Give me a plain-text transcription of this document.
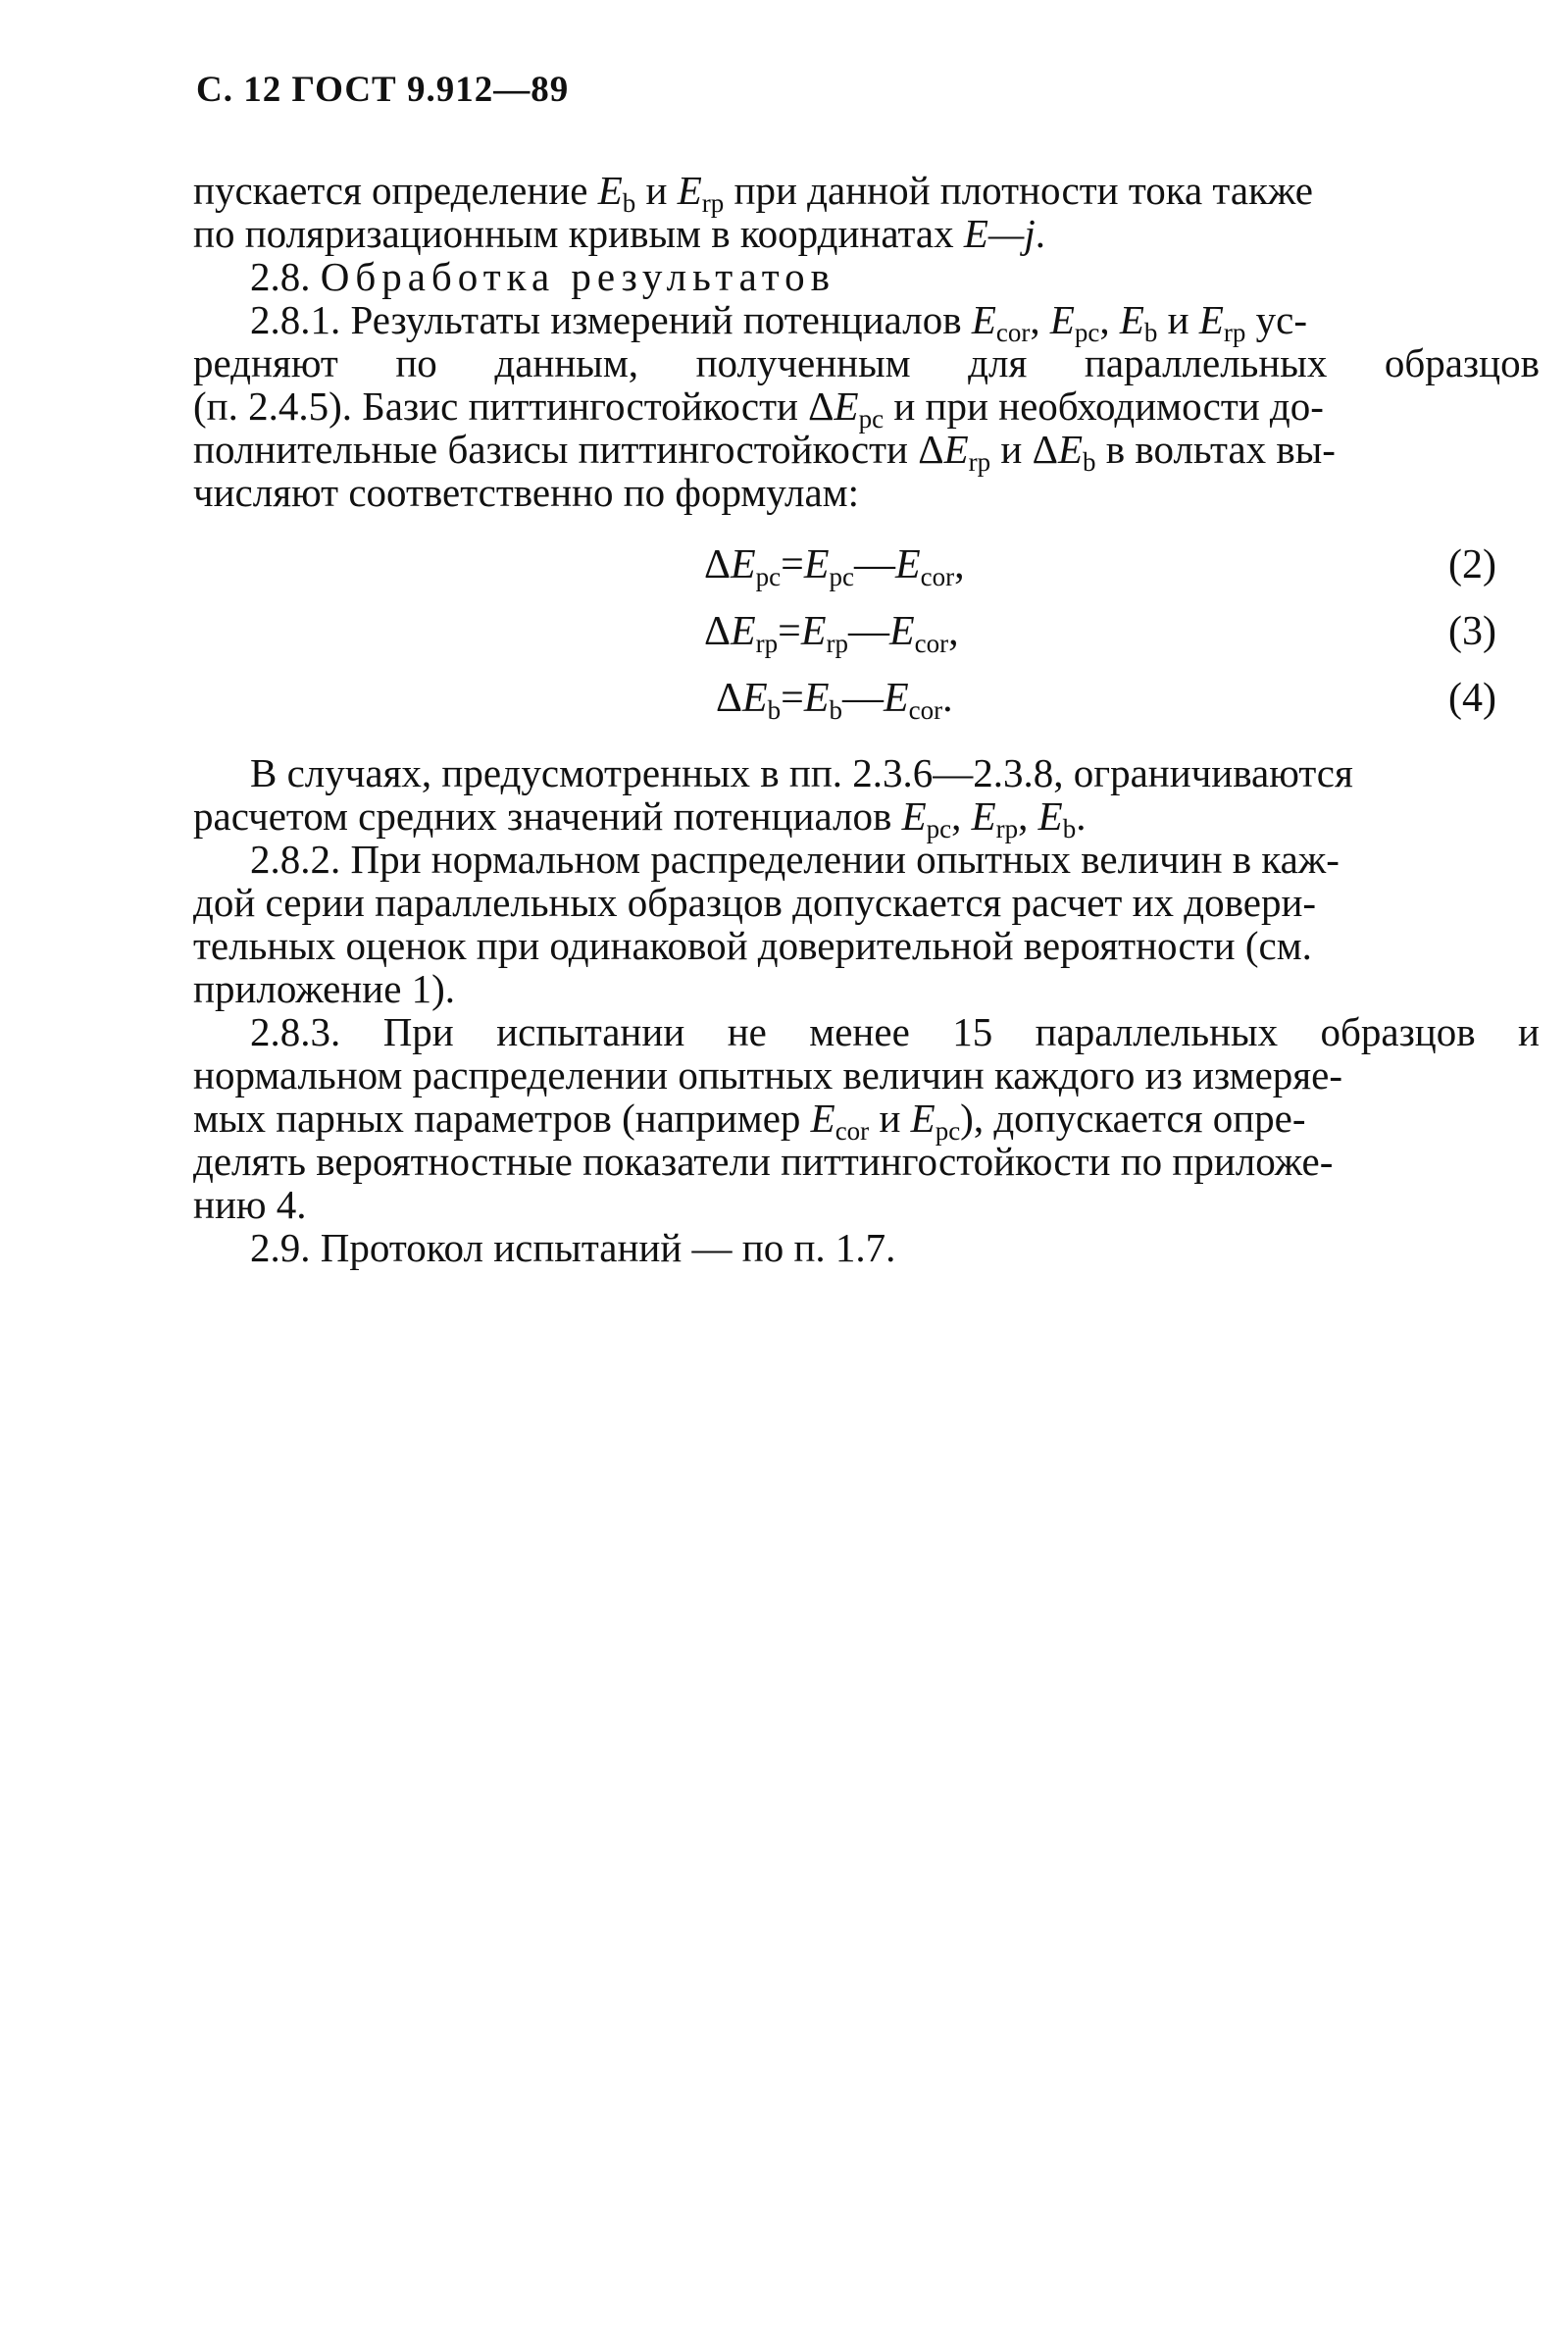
С. 12 ГОСТ 9.912—89
пускается определение $E_b$ и $E_{rp}$ при данной плотности тока также
по поляризационным кривым в координатах E—j.
2.8. Обработка результатов
2.8.1. Результаты измерений потенциалов $E_{cor}$, $E_{pc}$, $E_b$ и $E_{rp}$ ус-
редняют по данным, полученным для параллельных образцов
(п. 2.4.5). Базис питтингостойкости $\Delta E_{pc}$ и при необходимости до-
полнительные базисы питтингостойкости $\Delta E_{rp}$ и $\Delta E_b$ в вольтах вы-
числяют соответственно по формулам:
$\Delta E_{pc}=E_{pc}—E_{cor}$,	(2)
$\Delta E_{rp}=E_{rp}—E_{cor}$,	(3)
$\Delta E_b=E_b—E_{cor}$.	(4)
В случаях, предусмотренных в пп. 2.3.6—2.3.8, ограничиваются
расчетом средних значений потенциалов $E_{pc}$, $E_{rp}$, $E_b$.
2.8.2. При нормальном распределении опытных величин в каж-
дой серии параллельных образцов допускается расчет их довери-
тельных оценок при одинаковой доверительной вероятности (см.
приложение 1).
2.8.3. При испытании не менее 15 параллельных образцов и
нормальном распределении опытных величин каждого из измеряе-
мых парных параметров (например $E_{cor}$ и $E_{pc}$), допускается опре-
делять вероятностные показатели питтингостойкости по приложе-
нию 4.
2.9. Протокол испытаний — по п. 1.7.
